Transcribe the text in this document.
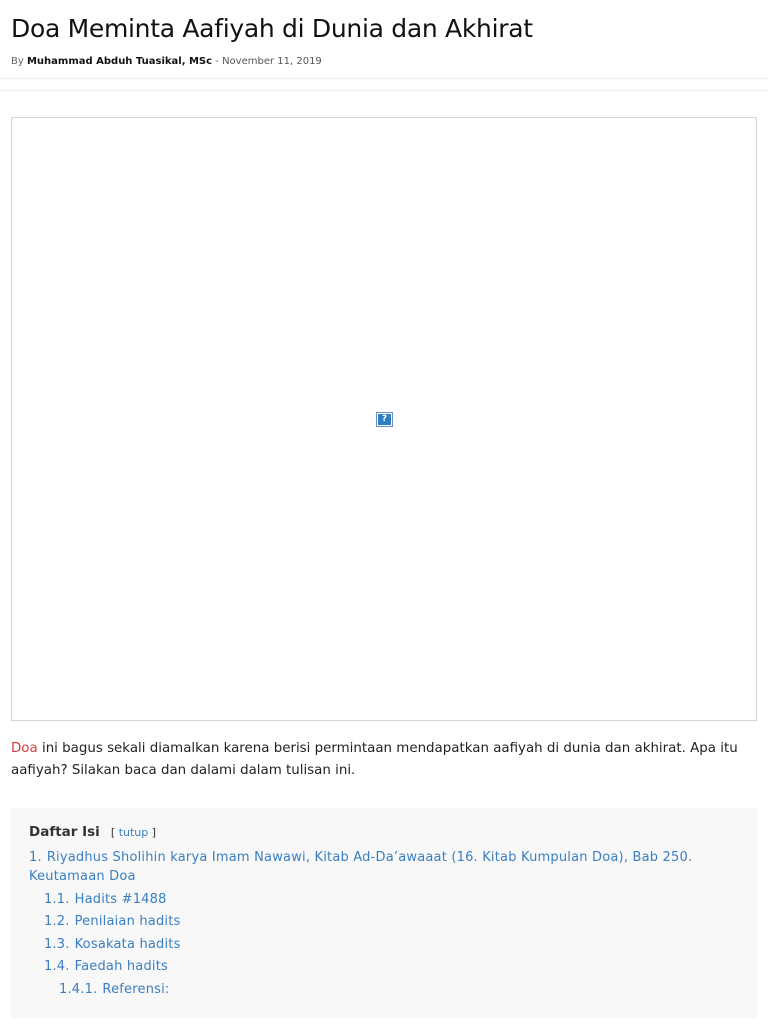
Doa Meminta Aafiyah di Dunia dan Akhirat
By Muhammad Abduh Tuasikal, MSc - November 11, 2019
?

Doa ini bagus sekali diamalkan karena berisi permintaan mendapatkan aafiyah di dunia dan akhirat. Apa itu aafiyah? Silakan baca dan dalami dalam tulisan ini.

Daftar Isi [ tutup ]
1. Riyadhus Sholihin karya Imam Nawawi, Kitab Ad-Da’awaaat (16. Kitab Kumpulan Doa), Bab 250.
Keutamaan Doa
1.1. Hadits #1488
1.2. Penilaian hadits
1.3. Kosakata hadits
1.4. Faedah hadits
1.4.1. Referensi:
